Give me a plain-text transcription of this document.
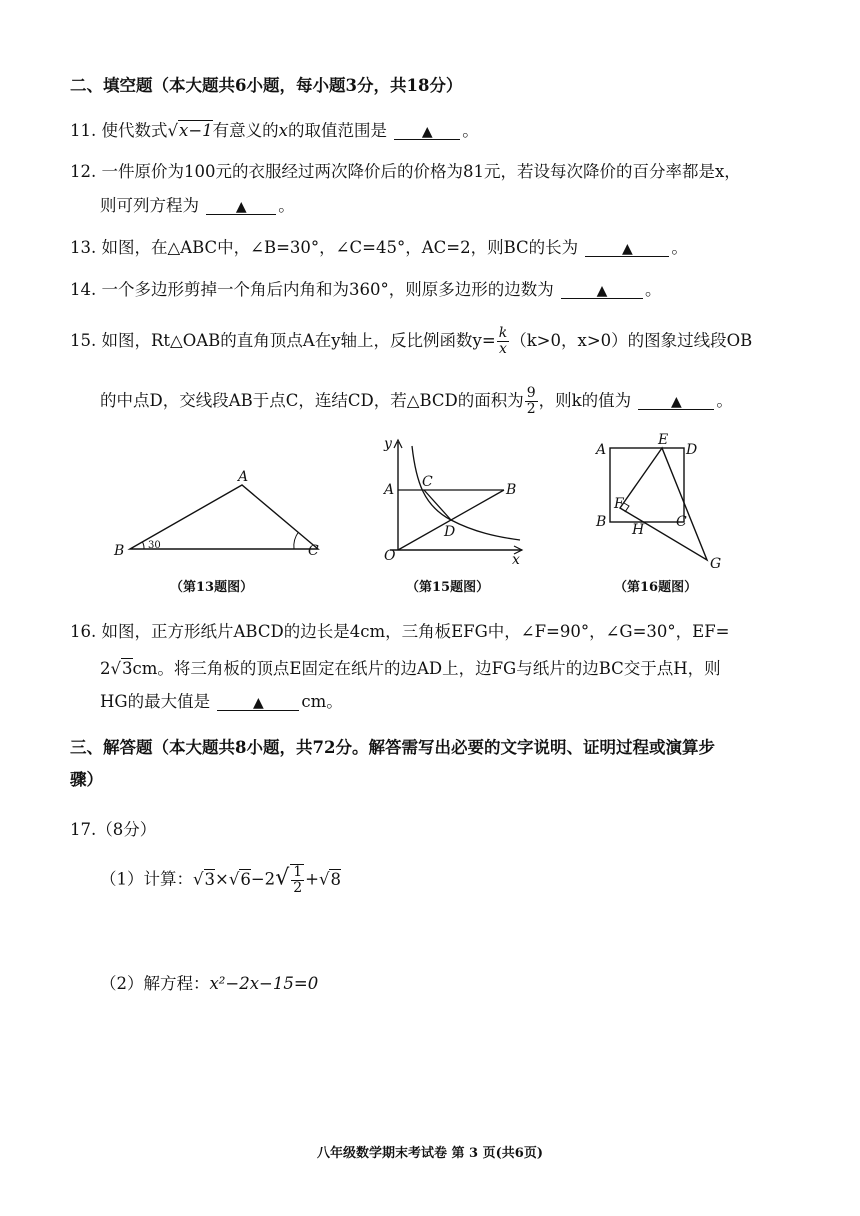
二、填空题（本大题共6小题，每小题3分，共18分）
11. 使代数式√x−1有意义的x的取值范围是 ▲ 。
12. 一件原价为100元的衣服经过两次降价后的价格为81元，若设每次降价的百分率都是x，
则可列方程为	▲ 。
13. 如图，在△ABC中，∠B=30°，∠C=45°，AC=2，则BC的长为	▲ 。
14. 一个多边形剪掉一个角后内角和为360°，则原多边形的边数为	▲ 。
15. 如图，Rt△OAB的直角顶点A在y轴上，反比例函数$y= \frac{k}{x} (k>0$，x>0）的图象过线段OB
的中点D，交线段AB于点C，连结CD，若△BCD的面积为 $\frac{9}{2}$ ，则k的值为	▲ 。
A
B	C
30
（第13题图）
y
x
A	B
C
D
O
（第15题图）
A
E
D
F
B H C
G
（第16题图）
16. 如图，正方形纸片ABCD的边长是4cm，三角板EFG中，∠F=90°，∠G=30°，EF=
2√3cm。将三角板的顶点E固定在纸片的边AD上，边FG与纸片的边BC交于点H，则
HG的最大值是	▲ cm。
三、解答题（本大题共8小题，共72分。解答需写出必要的文字说明、证明过程或演算步
骤）
17.（8分）
（1）计算：$√3\times√6-2√ \frac{1}{2} +√8$
（2）解方程：x²−2x−15=0
八年级数学期末考试卷 第 3 页(共6页)
